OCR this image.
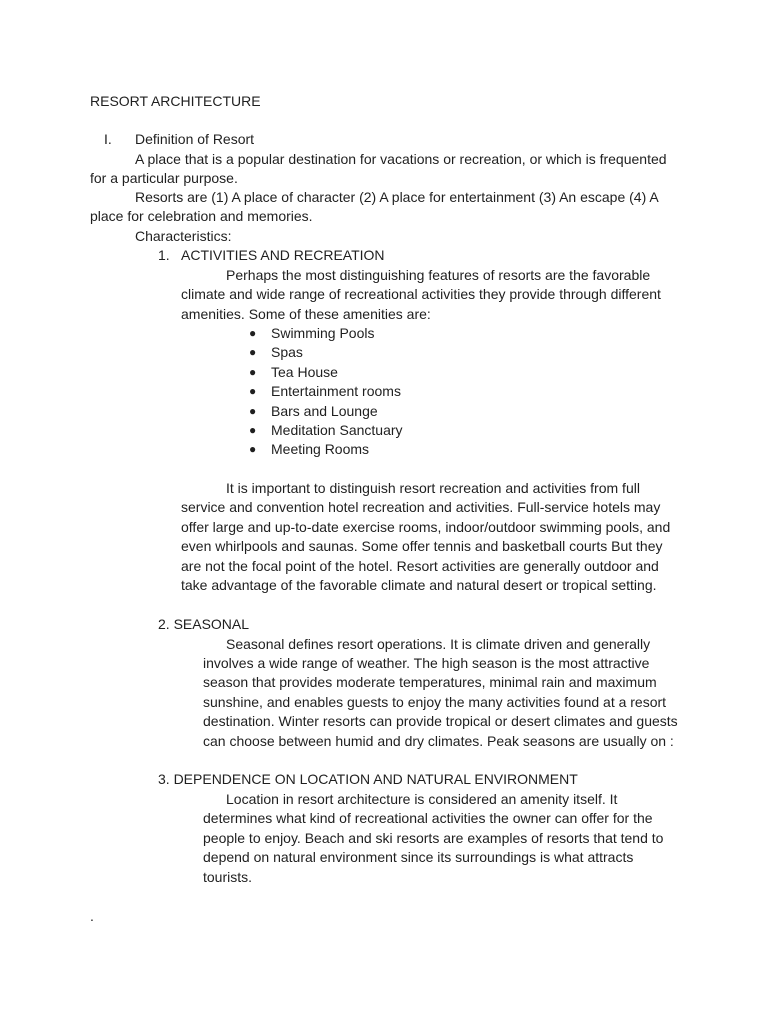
RESORT ARCHITECTURE
I. Definition of Resort
A place that is a popular destination for vacations or recreation, or which is frequented
for a particular purpose.
Resorts are (1) A place of character (2) A place for entertainment (3) An escape (4) A
place for celebration and memories.
Characteristics:
1. ACTIVITIES AND RECREATION
Perhaps the most distinguishing features of resorts are the favorable
climate and wide range of recreational activities they provide through different
amenities. Some of these amenities are:
● Swimming Pools
● Spas
● Tea House
● Entertainment rooms
● Bars and Lounge
● Meditation Sanctuary
● Meeting Rooms
It is important to distinguish resort recreation and activities from full
service and convention hotel recreation and activities. Full-service hotels may
offer large and up-to-date exercise rooms, indoor/outdoor swimming pools, and
even whirlpools and saunas. Some offer tennis and basketball courts But they
are not the focal point of the hotel. Resort activities are generally outdoor and
take advantage of the favorable climate and natural desert or tropical setting.
2. SEASONAL
Seasonal defines resort operations. It is climate driven and generally
involves a wide range of weather. The high season is the most attractive
season that provides moderate temperatures, minimal rain and maximum
sunshine, and enables guests to enjoy the many activities found at a resort
destination. Winter resorts can provide tropical or desert climates and guests
can choose between humid and dry climates. Peak seasons are usually on :
3. DEPENDENCE ON LOCATION AND NATURAL ENVIRONMENT
Location in resort architecture is considered an amenity itself. It
determines what kind of recreational activities the owner can offer for the
people to enjoy. Beach and ski resorts are examples of resorts that tend to
depend on natural environment since its surroundings is what attracts
tourists.
.
